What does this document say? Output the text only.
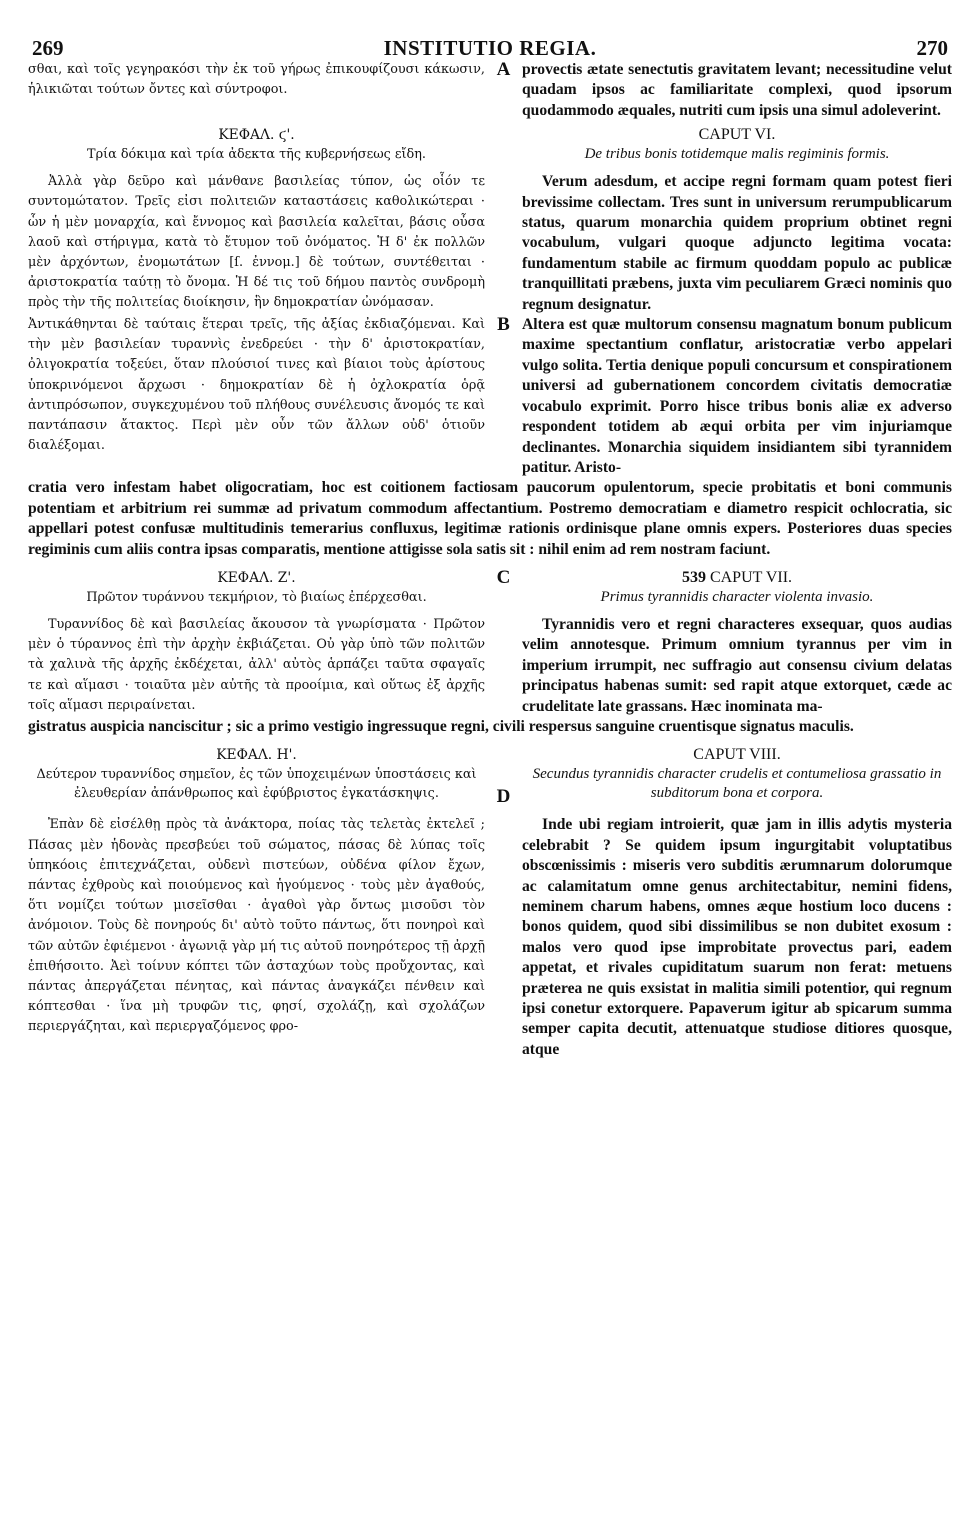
269	INSTITUTIO REGIA.	270

σθαι, καὶ τοῖς γεγηρακόσι τὴν ἐκ τοῦ γήρως ἐπικουφίζουσι κάκωσιν, ἡλικιῶται τούτων ὄντες καὶ σύντροφοι.

A provectis ætate senectutis gravitatem levant; necessitudine velut quadam ipsos ac familiaritate complexi, quod ipsorum quodammodo æquales, nutriti cum ipsis una simul adoleverint.

ΚΕΦΑΛ. ϛ'.
Τρία δόκιμα καὶ τρία ἀδεκτα τῆς κυβερνήσεως εἴδη.
CAPUT VI.
De tribus bonis totidemque malis regiminis formis.

Ἀλλὰ γὰρ δεῦρο καὶ μάνθανε βασιλείας τύπον, ὡς οἷόν τε συντομώτατον. Τρεῖς εἰσι πολιτειῶν καταστάσεις καθολικώτεραι · ὧν ἡ μὲν μοναρχία, καὶ ἔννομος καὶ βασιλεία καλεῖται, βάσις οὖσα λαοῦ καὶ στήριγμα, κατὰ τὸ ἔτυμον τοῦ ὀνόματος. Ἡ δ' ἐκ πολλῶν μὲν ἀρχόντων, ἐνομωτάτων [ſ. ἐννομ.] δὲ τούτων, συντέθειται · ἀριστοκρατία ταύτῃ τὸ ὄνομα. Ἡ δέ τις τοῦ δήμου παντὸς συνδρομὴ πρὸς τὴν τῆς πολιτείας διοίκησιν, ἣν δημοκρατίαν ὠνόμασαν.

Verum adesdum, et accipe regni formam quam potest fieri brevissime collectam. Tres sunt in universum rerumpublicarum status, quarum monarchia quidem proprium obtinet regni vocabulum, vulgari quoque adjuncto legitima vocata: fundamentum stabile ac firmum quoddam populo ac publicæ tranquillitati præbens, juxta vim peculiarem Græci nominis quo regnum designatur.

Ἀντικάθηνται δὲ ταύταις ἕτεραι τρεῖς, τῆς ἀξίας ἐκδιαζόμεναι. Καὶ τὴν μὲν βασιλείαν τυραννὶς ἐνεδρεύει · τὴν δ' ἀριστοκρατίαν, ὀλιγοκρατία τοξεύει, ὅταν πλούσιοί τινες καὶ βίαιοι τοὺς ἀρίστους ὑποκρινόμενοι ἄρχωσι · δημοκρατίαν δὲ ἡ ὀχλοκρατία ὁρᾷ ἀντιπρόσωπον, συγκεχυμένου τοῦ πλήθους συνέλευσις ἄνομός τε καὶ παντάπασιν ἄτακτος. Περὶ μὲν οὖν τῶν ἄλλων οὐδ' ὁτιοῦν διαλέξομαι.

B Altera est quæ multorum consensu magnatum bonum publicum maxime spectantium conflatur, aristocratiæ verbo appelari vulgo solita. Tertia denique populi concursum et conspirationem universi ad gubernationem concordem civitatis democratiæ vocabulo exprimit. Porro hisce tribus bonis aliæ ex adverso respondent totidem ab æqui orbita per vim injuriamque declinantes. Monarchia siquidem insidiantem sibi tyrannidem patitur. Aristo-

cratia vero infestam habet oligocratiam, hoc est coitionem factiosam paucorum opulentorum, specie probitatis et boni communis potentiam et arbitrium rei summæ ad privatum commodum affectantium. Postremo democratiam e diametro respicit ochlocratia, sic appellari potest confusæ multitudinis temerarius confluxus, legitimæ rationis ordinisque plane omnis expers. Posteriores duas species regiminis cum aliis contra ipsas comparatis, mentione attigisse sola satis sit : nihil enim ad rem nostram faciunt.
ΚΕΦΑΛ. Ζ'.
Πρῶτον τυράννου τεκμήριον, τὸ βιαίως ἐπέρχεσθαι.
C	539 CAPUT VII.
Primus tyrannidis character violenta invasio.

Τυραννίδος δὲ καὶ βασιλείας ἄκουσον τὰ γνωρίσματα · Πρῶτον μὲν ὁ τύραννος ἐπὶ τὴν ἀρχὴν ἐκβιάζεται. Οὐ γὰρ ὑπὸ τῶν πολιτῶν τὰ χαλινὰ τῆς ἀρχῆς ἐκδέχεται, ἀλλ' αὐτὸς ἁρπάζει ταῦτα σφαγαῖς τε καὶ αἵμασι · τοιαῦτα μὲν αὐτῆς τὰ προοίμια, καὶ οὕτως ἐξ ἀρχῆς τοῖς αἵμασι περιραίνεται.

Tyrannidis vero et regni characteres exsequar, quos audias velim annotesque. Primum omnium tyrannus per vim in imperium irrumpit, nec suffragio aut consensu civium delatas principatus habenas sumit: sed rapit atque extorquet, cæde ac crudelitate late grassans. Hæc inominata ma-

gistratus auspicia nanciscitur ; sic a primo vestigio ingressuque regni, civili respersus sanguine cruentisque signatus maculis.
ΚΕΦΑΛ. Η'.
Δεύτερον τυραννίδος σημεῖον, ἐς τῶν ὑποχειμένων ὑποστάσεις καὶ ἐλευθερίαν ἀπάνθρωπος καὶ ἐφύβριστος ἐγκατάσκηψις.	D
CAPUT VIII.
Secundus tyrannidis character crudelis et contumeliosa grassatio in subditorum bona et corpora.

Ἐπὰν δὲ εἰσέλθῃ πρὸς τὰ ἀνάκτορα, ποίας τὰς τελετὰς ἐκτελεῖ ; Πάσας μὲν ἡδονὰς πρεσβεύει τοῦ σώματος, πάσας δὲ λύπας τοῖς ὑπηκόοις ἐπιτεχνάζεται, οὐδενὶ πιστεύων, οὐδένα φίλον ἔχων, πάντας ἐχθροὺς καὶ ποιούμενος καὶ ἡγούμενος · τοὺς μὲν ἀγαθούς, ὅτι νομίζει τούτων μισεῖσθαι · ἀγαθοὶ γὰρ ὄντως μισοῦσι τὸν ἀνόμοιον. Τοὺς δὲ πονηρούς δι' αὐτὸ τοῦτο πάντως, ὅτι πονηροὶ καὶ τῶν αὐτῶν ἐφιέμενοι · ἀγωνιᾷ γὰρ μή τις αὐτοῦ πονηρότερος τῇ ἀρχῇ ἐπιθήσοιτο. Ἀεὶ τοίνυν κόπτει τῶν ἀσταχύων τοὺς προὔχοντας, καὶ πάντας ἀπεργάζεται πένητας, καὶ πάντας ἀναγκάζει πένθειν καὶ κόπτεσθαι · ἵνα μὴ τρυφῶν τις, φησί, σχολάζῃ, καὶ σχολάζων περιεργάζηται, καὶ περιεργαζόμενος φρο-

Inde ubi regiam introierit, quæ jam in illis adytis mysteria celebrabit ? Se quidem ipsum ingurgitabit voluptatibus obscœnissimis : miseris vero subditis ærumnarum dolorumque ac calamitatum omne genus architectabitur, nemini fidens, neminem charum habens, omnes æque hostium loco ducens : bonos quidem, quod sibi dissimilibus se non dubitet exosum : malos vero quod ipse improbitate provectus pari, eadem appetat, et rivales cupiditatum suarum non ferat: metuens præterea ne quis exsistat in malitia simili potentior, qui regnum ipsi conetur extorquere. Papaverum igitur ab spicarum summa semper capita decutit, attenuatque studiose ditiores quosque, atque
